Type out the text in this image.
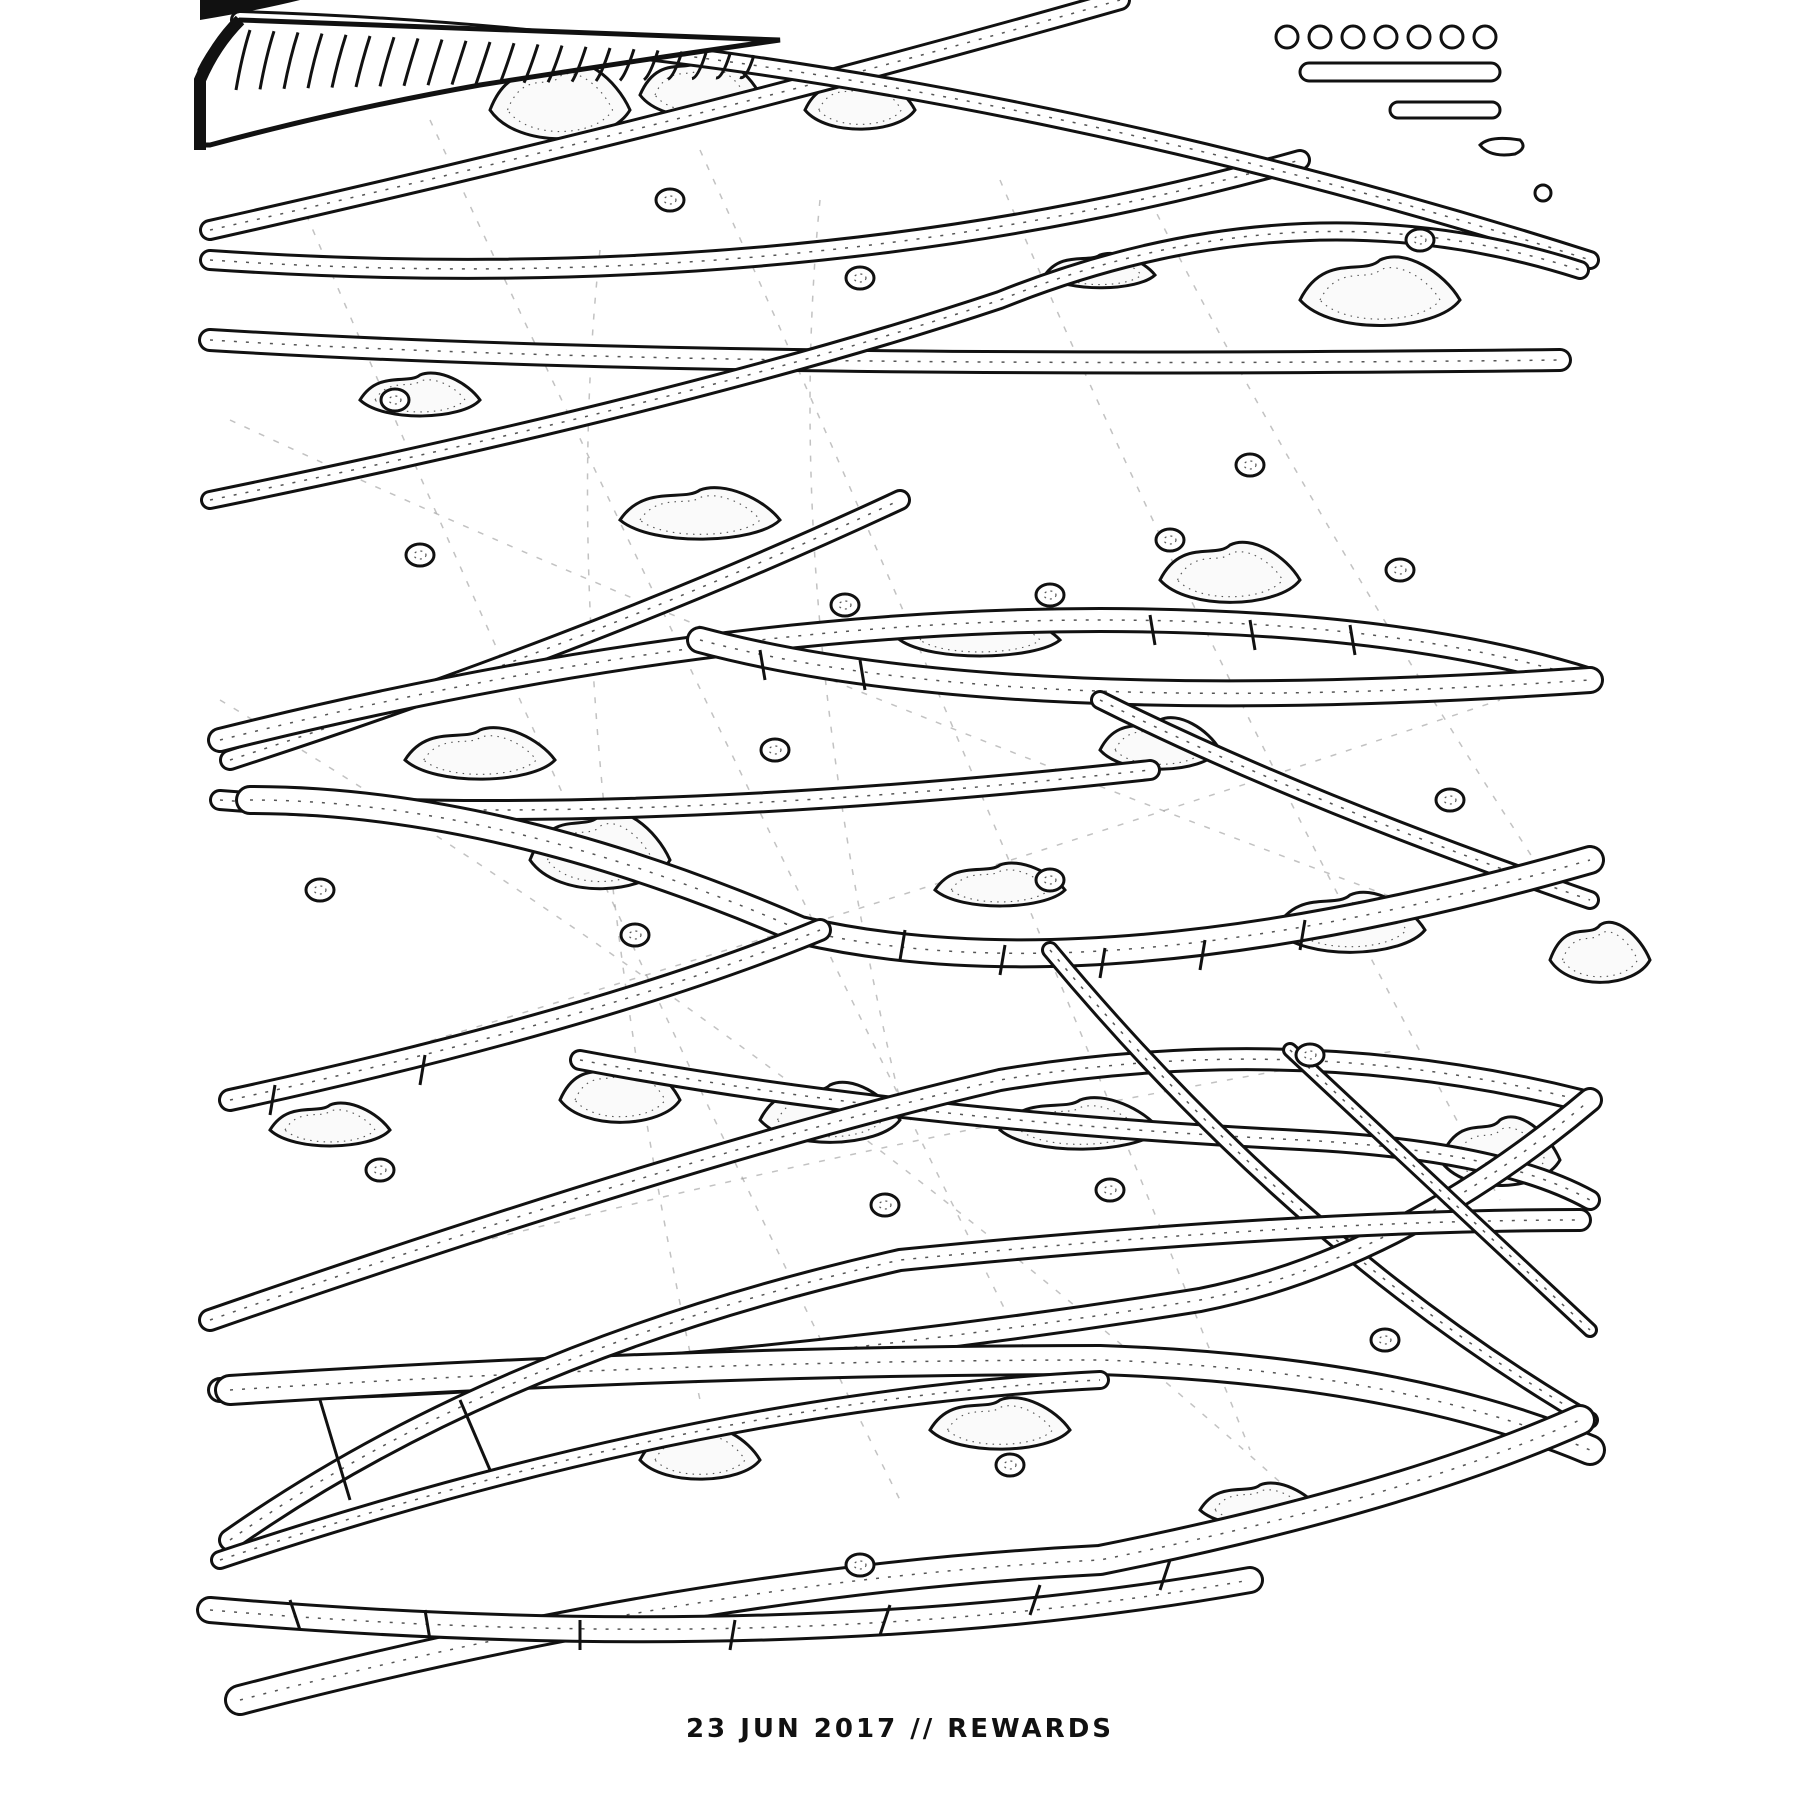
23 JUN 2017 // REWARDS
